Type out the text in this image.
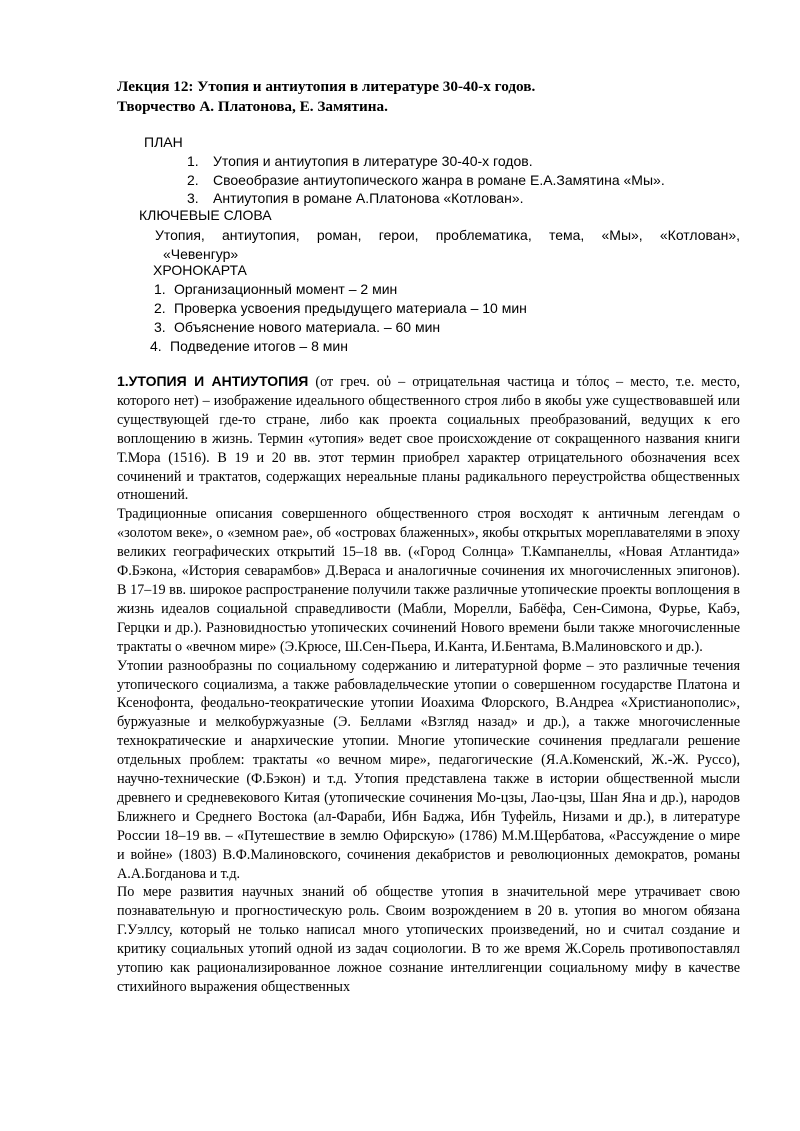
Лекция 12: Утопия и антиутопия в литературе 30-40-х годов.
Творчество А. Платонова, Е. Замятина.
ПЛАН
1. Утопия и антиутопия в литературе 30-40-х годов.
2. Своеобразие антиутопического жанра в романе Е.А.Замятина «Мы».
3. Антиутопия в романе А.Платонова «Котлован».
КЛЮЧЕВЫЕ СЛОВА
Утопия, антиутопия, роман, герои, проблематика, тема, «Мы», «Котлован»,
«Чевенгур»
ХРОНОКАРТА
1. Организационный момент – 2 мин
2. Проверка усвоения предыдущего материала – 10 мин
3. Объяснение нового материала. – 60 мин
4. Подведение итогов – 8 мин

1.УТОПИЯ И АНТИУТОПИЯ (от греч. οὐ – отрицательная частица и τόπος – место, т.е. место, которого нет) – изображение идеального общественного строя либо в якобы уже существовавшей или существующей где-то стране, либо как проекта социальных преобразований, ведущих к его воплощению в жизнь. Термин «утопия» ведет свое происхождение от сокращенного названия книги Т.Мора (1516). В 19 и 20 вв. этот термин приобрел характер отрицательного обозначения всех сочинений и трактатов, содержащих нереальные планы радикального переустройства общественных отношений.

Традиционные описания совершенного общественного строя восходят к античным легендам о «золотом веке», о «земном рае», об «островах блаженных», якобы открытых мореплавателями в эпоху великих географических открытий 15–18 вв. («Город Солнца» Т.Кампанеллы, «Новая Атлантида» Ф.Бэкона, «История севарамбов» Д.Вераса и аналогичные сочинения их многочисленных эпигонов). В 17–19 вв. широкое распространение получили также различные утопические проекты воплощения в жизнь идеалов социальной справедливости (Мабли, Морелли, Бабёфа, Сен-Симона, Фурье, Кабэ, Герцки и др.). Разновидностью утопических сочинений Нового времени были также многочисленные трактаты о «вечном мире» (Э.Крюсе, Ш.Сен-Пьера, И.Канта, И.Бентама, В.Малиновского и др.).

Утопии разнообразны по социальному содержанию и литературной форме – это различные течения утопического социализма, а также рабовладельческие утопии о совершенном государстве Платона и Ксенофонта, феодально-теократические утопии Иоахима Флорского, В.Андреа «Христианополис», буржуазные и мелкобуржуазные (Э. Беллами «Взгляд назад» и др.), а также многочисленные технократические и анархические утопии. Многие утопические сочинения предлагали решение отдельных проблем: трактаты «о вечном мире», педагогические (Я.А.Коменский, Ж.-Ж. Руссо), научно-технические (Ф.Бэкон) и т.д. Утопия представлена также в истории общественной мысли древнего и средневекового Китая (утопические сочинения Мо-цзы, Лао-цзы, Шан Яна и др.), народов Ближнего и Среднего Востока (ал-Фараби, Ибн Баджа, Ибн Туфейль, Низами и др.), в литературе России 18–19 вв. – «Путешествие в землю Офирскую» (1786) М.М.Щербатова, «Рассуждение о мире и войне» (1803) В.Ф.Малиновского, сочинения декабристов и революционных демократов, романы А.А.Богданова и т.д.

По мере развития научных знаний об обществе утопия в значительной мере утрачивает свою познавательную и прогностическую роль. Своим возрождением в 20 в. утопия во многом обязана Г.Уэллсу, который не только написал много утопических произведений, но и считал создание и критику социальных утопий одной из задач социологии. В то же время Ж.Сорель противопоставлял утопию как рационализированное ложное сознание интеллигенции социальному мифу в качестве стихийного выражения общественных
